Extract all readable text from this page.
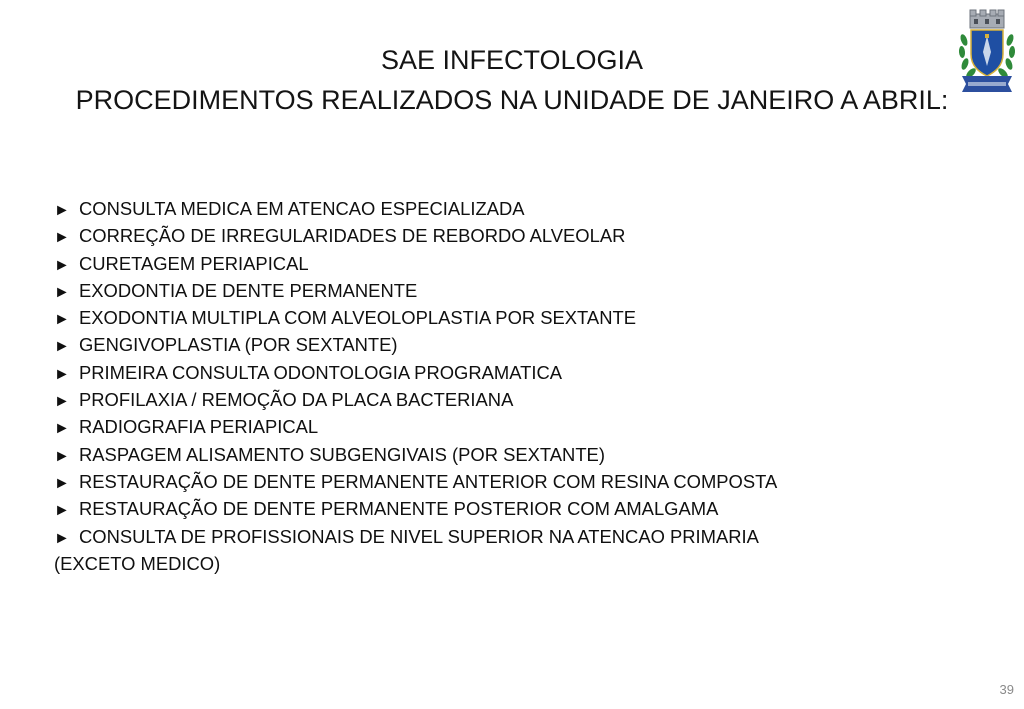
SAE INFECTOLOGIA
PROCEDIMENTOS REALIZADOS NA UNIDADE DE JANEIRO A ABRIL:
► CONSULTA MEDICA EM ATENCAO ESPECIALIZADA
► CORREÇÃO DE IRREGULARIDADES DE REBORDO ALVEOLAR
► CURETAGEM PERIAPICAL
► EXODONTIA DE DENTE PERMANENTE
► EXODONTIA MULTIPLA COM ALVEOLOPLASTIA POR SEXTANTE
► GENGIVOPLASTIA (POR SEXTANTE)
► PRIMEIRA CONSULTA ODONTOLOGIA PROGRAMATICA
► PROFILAXIA / REMOÇÃO DA PLACA BACTERIANA
► RADIOGRAFIA PERIAPICAL
► RASPAGEM ALISAMENTO SUBGENGIVAIS (POR SEXTANTE)
► RESTAURAÇÃO DE DENTE PERMANENTE ANTERIOR COM RESINA COMPOSTA
► RESTAURAÇÃO DE DENTE PERMANENTE POSTERIOR COM AMALGAMA
► CONSULTA DE PROFISSIONAIS DE NIVEL SUPERIOR NA ATENCAO PRIMARIA
(EXCETO MEDICO)
39
